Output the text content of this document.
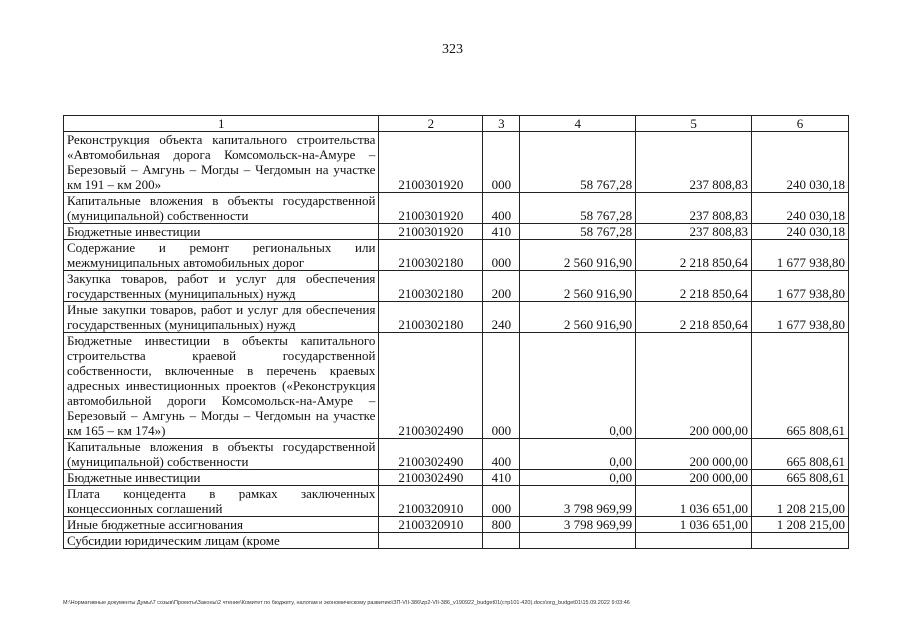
323
1	2	3	4	5	6
Реконструкция объекта капитального строительства «Автомобильная дорога Комсомольск-на-Амуре – Березовый – Амгунь – Могды – Чегдомын на участке км 191 – км 200»	2100301920	000	58 767,28	237 808,83	240 030,18
Капитальные вложения в объекты государственной (муниципальной) собственности	2100301920	400	58 767,28	237 808,83	240 030,18
Бюджетные инвестиции	2100301920	410	58 767,28	237 808,83	240 030,18
Содержание и ремонт региональных или межмуниципальных автомобильных дорог	2100302180	000	2 560 916,90	2 218 850,64	1 677 938,80
Закупка товаров, работ и услуг для обеспечения государственных (муниципальных) нужд	2100302180	200	2 560 916,90	2 218 850,64	1 677 938,80
Иные закупки товаров, работ и услуг для обеспечения государственных (муниципальных) нужд	2100302180	240	2 560 916,90	2 218 850,64	1 677 938,80
Бюджетные инвестиции в объекты капитального строительства краевой государственной собственности, включенные в перечень краевых адресных инвестиционных проектов («Реконструкция автомобильной дороги Комсомольск-на-Амуре – Березовый – Амгунь – Могды – Чегдомын на участке км 165 – км 174»)	2100302490	000	0,00	200 000,00	665 808,61
Капитальные вложения в объекты государственной (муниципальной) собственности	2100302490	400	0,00	200 000,00	665 808,61
Бюджетные инвестиции	2100302490	410	0,00	200 000,00	665 808,61
Плата концедента в рамках заключенных концессионных соглашений	2100320910	000	3 798 969,99	1 036 651,00	1 208 215,00
Иные бюджетные ассигнования	2100320910	800	3 798 969,99	1 036 651,00	1 208 215,00
Субсидии юридическим лицам (кроме					
M:\Нормативные документы Думы\7 созыв\Проекты\Законы\2 чтение\Комитет по бюджету, налогам и экономическому развитию\ЗП-VII-386\zp2-VII-386_v190922_budget01(стр101-420).docx\org_budget01\15.09.2022 9:03:46
